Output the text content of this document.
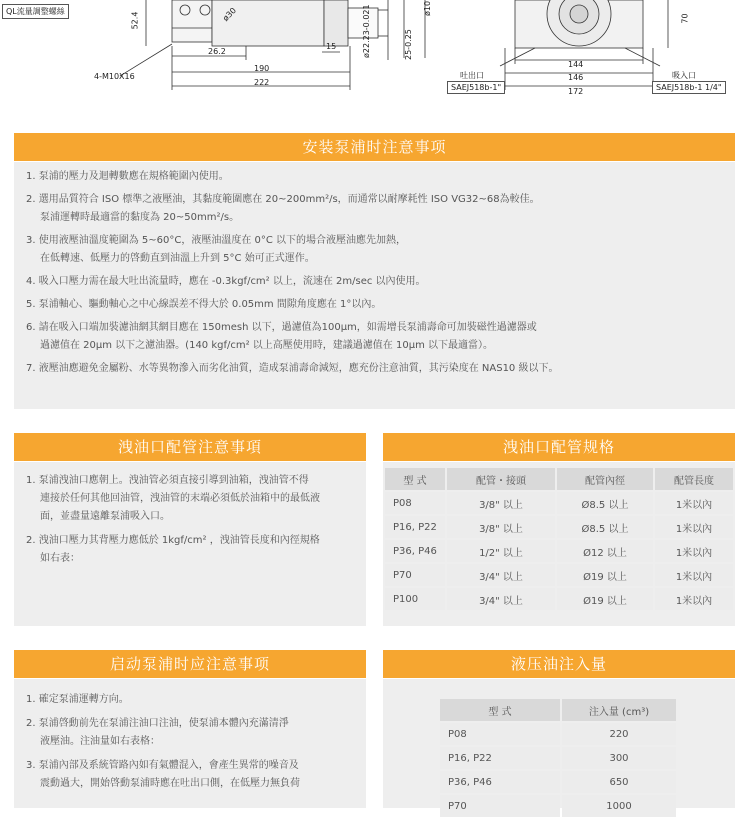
QL流量調整螺絲	ø30	ø10
52.4
26.2
15
190
222
4-M10X16
ø22.23-0.021	25-0.25
70
144
146
172
吐出口
SAEJ518b-1"
吸入口
SAEJ518b-1 1/4"
安装泵浦时注意事项
1. 泵浦的壓力及迴轉數應在規格範圍內使用。
2. 選用品質符合 ISO 標準之液壓油，其黏度範圍應在 20~200mm²/s，而通常以耐摩耗性 ISO VG32~68為較佳。
泵浦運轉時最適當的黏度為 20~50mm²/s。
3. 使用液壓油溫度範圍為 5~60°C，液壓油溫度在 0°C 以下的場合液壓油應先加熱，
在低轉速、低壓力的啓動直到油溫上升到 5°C 始可正式運作。
4. 吸入口壓力需在最大吐出流量時，應在 -0.3kgf/cm² 以上，流速在 2m/sec 以內使用。
5. 泵浦軸心、驅動軸心之中心線誤差不得大於 0.05mm 間隙角度應在 1°以內。
6. 請在吸入口端加裝濾油網其網目應在 150mesh 以下，過濾值為100μm，如需增長泵浦壽命可加裝磁性過濾器或
過濾值在 20μm 以下之濾油器。(140 kgf/cm² 以上高壓使用時，建議過濾值在 10μm 以下最適當）。
7. 液壓油應避免金屬粉、水等異物滲入而劣化油質，造成泵浦壽命減短，應充份注意油質，其污染度在 NAS10 級以下。
洩油口配管注意事項
1. 泵浦洩油口應朝上。洩油管必須直接引導到油箱，洩油管不得
連接於任何其他回油管，洩油管的末端必須低於油箱中的最低液
面，並盡量遠離泵浦吸入口。
2. 洩油口壓力其背壓力應低於 1kgf/cm² ，洩油管長度和內徑規格
如右表：
洩油口配管规格
型 式	配管・接頭	配管內徑	配管長度
P08	3/8" 以上	Ø8.5 以上	1米以內
P16, P22	3/8" 以上	Ø8.5 以上	1米以內
P36, P46	1/2" 以上	Ø12 以上	1米以內
P70	3/4" 以上	Ø19 以上	1米以內
P100	3/4" 以上	Ø19 以上	1米以內
启动泵浦时应注意事项
1. 確定泵浦運轉方向。
2. 泵浦啓動前先在泵浦注油口注油，使泵浦本體內充滿清淨
液壓油。注油量如右表格：
3. 泵浦內部及系統管路內如有氣體混入，會產生異常的噪音及
震動過大，開始啓動泵浦時應在吐出口側，在低壓力無負荷
液压油注入量
型 式	注入量 (cm³)
P08	220
P16, P22	300
P36, P46	650
P70	1000
